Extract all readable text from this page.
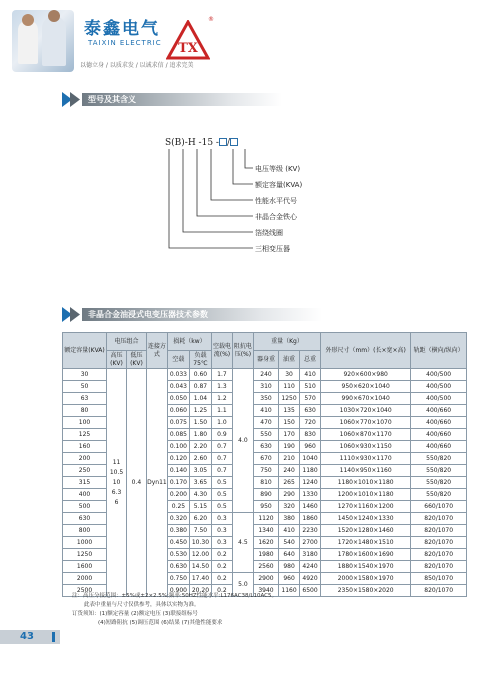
泰鑫电气
TAIXIN ELECTRIC
以德立身 / 以质求发 / 以诚求信 / 追求完美
TX
®
型号及其含义
S(B)-H -15 - /
电压等级 (KV)
额定容量(KVA)
性能水平代号
非晶合金铁心
箔绕线圈
三相变压器
非晶合金油浸式电变压器技术参数
额定容量(KVA)	电压组合		连接方式	损耗（kw）		空载电流(%)	阻抗电压(%)	重量（Kg）			外形尺寸（mm）(长×宽×高)	轨距（横向/纵向）
	高压(KV)	低压(KV)		空载	负载75℃			器身重	油重	总重		
30	11
10.5
10
6.3
6	0.4	Dyn11	0.033	0.60	1.7	4.0	240	30	410	920×600×980	400/500
50				0.043	0.87	1.3		310	110	510	950×620×1040	400/500
63				0.050	1.04	1.2		350	1250	570	990×670×1040	400/500
80				0.060	1.25	1.1		410	135	630	1030×720×1040	400/660
100				0.075	1.50	1.0		470	150	720	1060×770×1070	400/660
125				0.085	1.80	0.9		550	170	830	1060×870×1170	400/660
160				0.100	2.20	0.7		630	190	960	1060×930×1150	400/660
200				0.120	2.60	0.7		670	210	1040	1110×930×1170	550/820
250				0.140	3.05	0.7		750	240	1180	1140×950×1160	550/820
315				0.170	3.65	0.5		810	265	1240	1180×1010×1180	550/820
400				0.200	4.30	0.5		890	290	1330	1200×1010×1180	550/820
500				0.25	5.15	0.5		950	320	1460	1270×1160×1200	660/1070
630				0.320	6.20	0.3	4.5	1120	380	1860	1450×1240×1330	820/1070
800				0.380	7.50	0.3		1340	410	2230	1520×1280×1460	820/1070
1000				0.450	10.30	0.3		1620	540	2700	1720×1480×1510	820/1070
1250				0.530	12.00	0.2		1980	640	3180	1780×1600×1690	820/1070
1600				0.630	14.50	0.2		2560	980	4240	1880×1540×1970	820/1070
2000				0.750	17.40	0.2	5.0	2900	960	4920	2000×1580×1970	850/1070
2500				0.900	20.20	0.2		3940	1160	6500	2350×1580×2020	820/1070
注：高压分接范围：±5%或±2×2.5%;频率:50HZ性能水平:L176AC38/L10AC5。
此表中重量与尺寸仅供参考，具体以实物为准。
订货须知：(1)额定容量 (2)额定电压 (3)联接组标号
(4)短路阻抗 (5)调压范围 (6)结果 (7)其他性能要求
43
